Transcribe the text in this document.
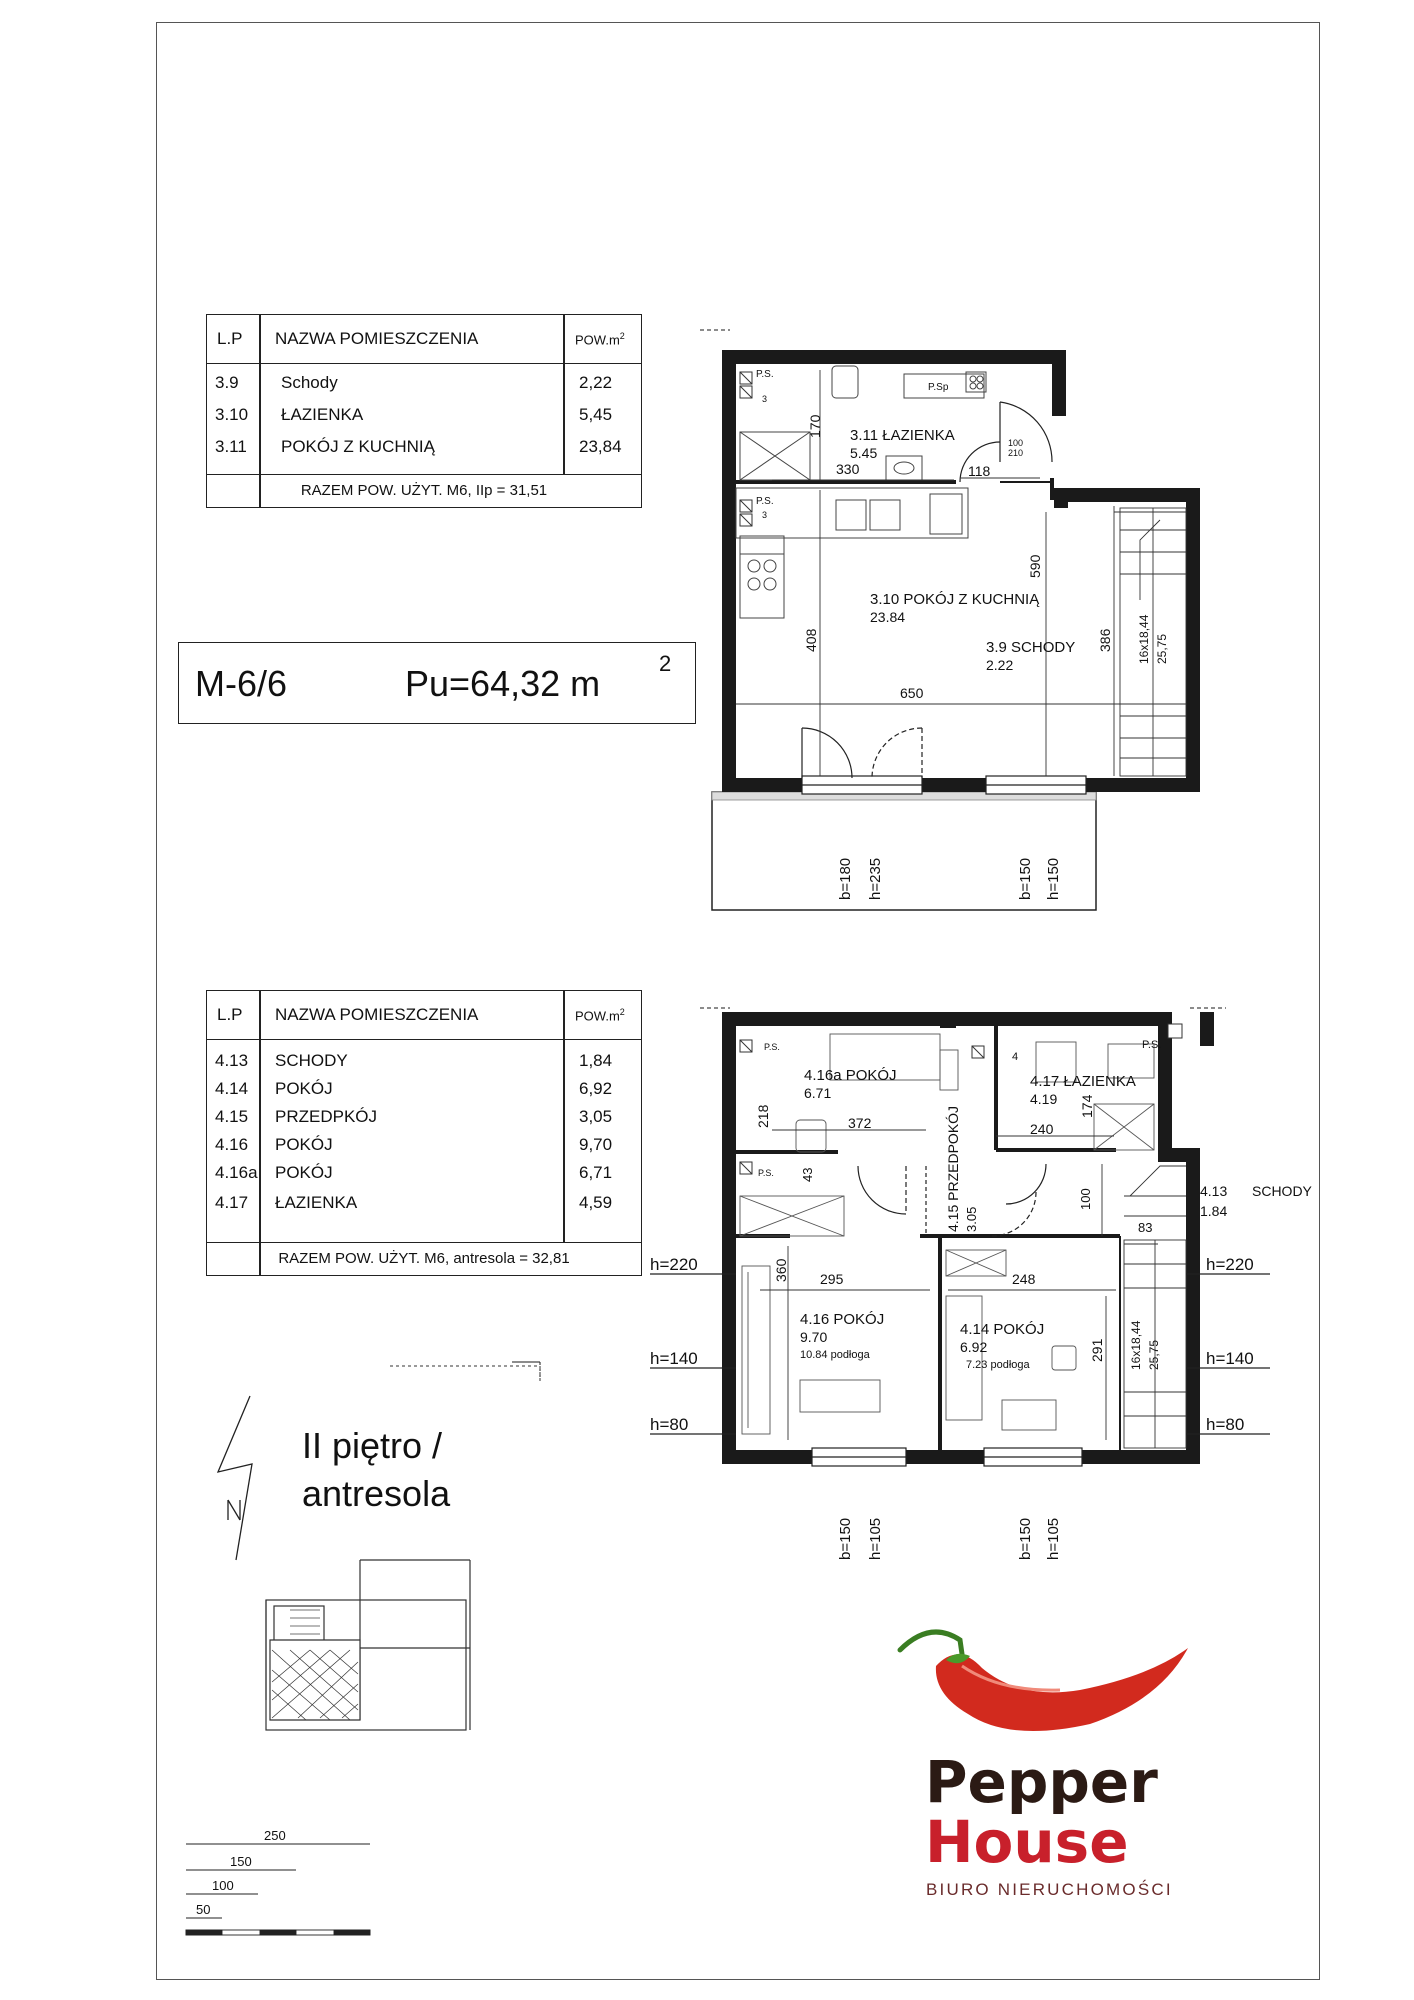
L.P NAZWA POMIESZCZENIA	$POW.m^2$
3.9 Schody	2,22
3.10 ŁAZIENKA	5,45
3.11 POKÓJ Z KUCHNIĄ	23,84
RAZEM POW. UŻYT. M6, IIp = 31,51
L.P NAZWA POMIESZCZENIA	$POW.m^2$
4.13 SCHODY	1,84
4.14 POKÓJ	6,92
4.15 PRZEDPKÓJ	3,05
4.16 POKÓJ	9,70
4.16a POKÓJ	6,71
4.17 ŁAZIENKA	4,59
RAZEM POW. UŻYT. M6, antresola = 32,81
M-6/6	Pu=64,32 m	2
II piętro /
antresola
P.S.
3
P.S.
3
P.Sp
3.11 ŁAZIENKA
5.45
330	118
100
210
3.10 POKÓJ Z KUCHNIĄ
23.84
3.9 SCHODY
2.22
650
170
590
408	386 16x18,44 25,75
b=180 h=235	b=150 h=150
P.S.
P.S.
P.S.
4
4.16a POKÓJ
6.71
4.17 ŁAZIENKA
4.19
372	240
218	174
43
100
4.15 PRZEDPOKÓJ 3.05
4.13 SCHODY
1.84
83
360 295	248
291 16x18,44 25,75
4.16 POKÓJ
9.70
10.84 podłoga
4.14 POKÓJ
6.92
7.23 podłoga
h=220
h=140
h=80
h=220
h=140
h=80
b=150 h=105	b=150 h=105
250
150
100
50
Pepper
House
BIURO NIERUCHOMOŚCI
